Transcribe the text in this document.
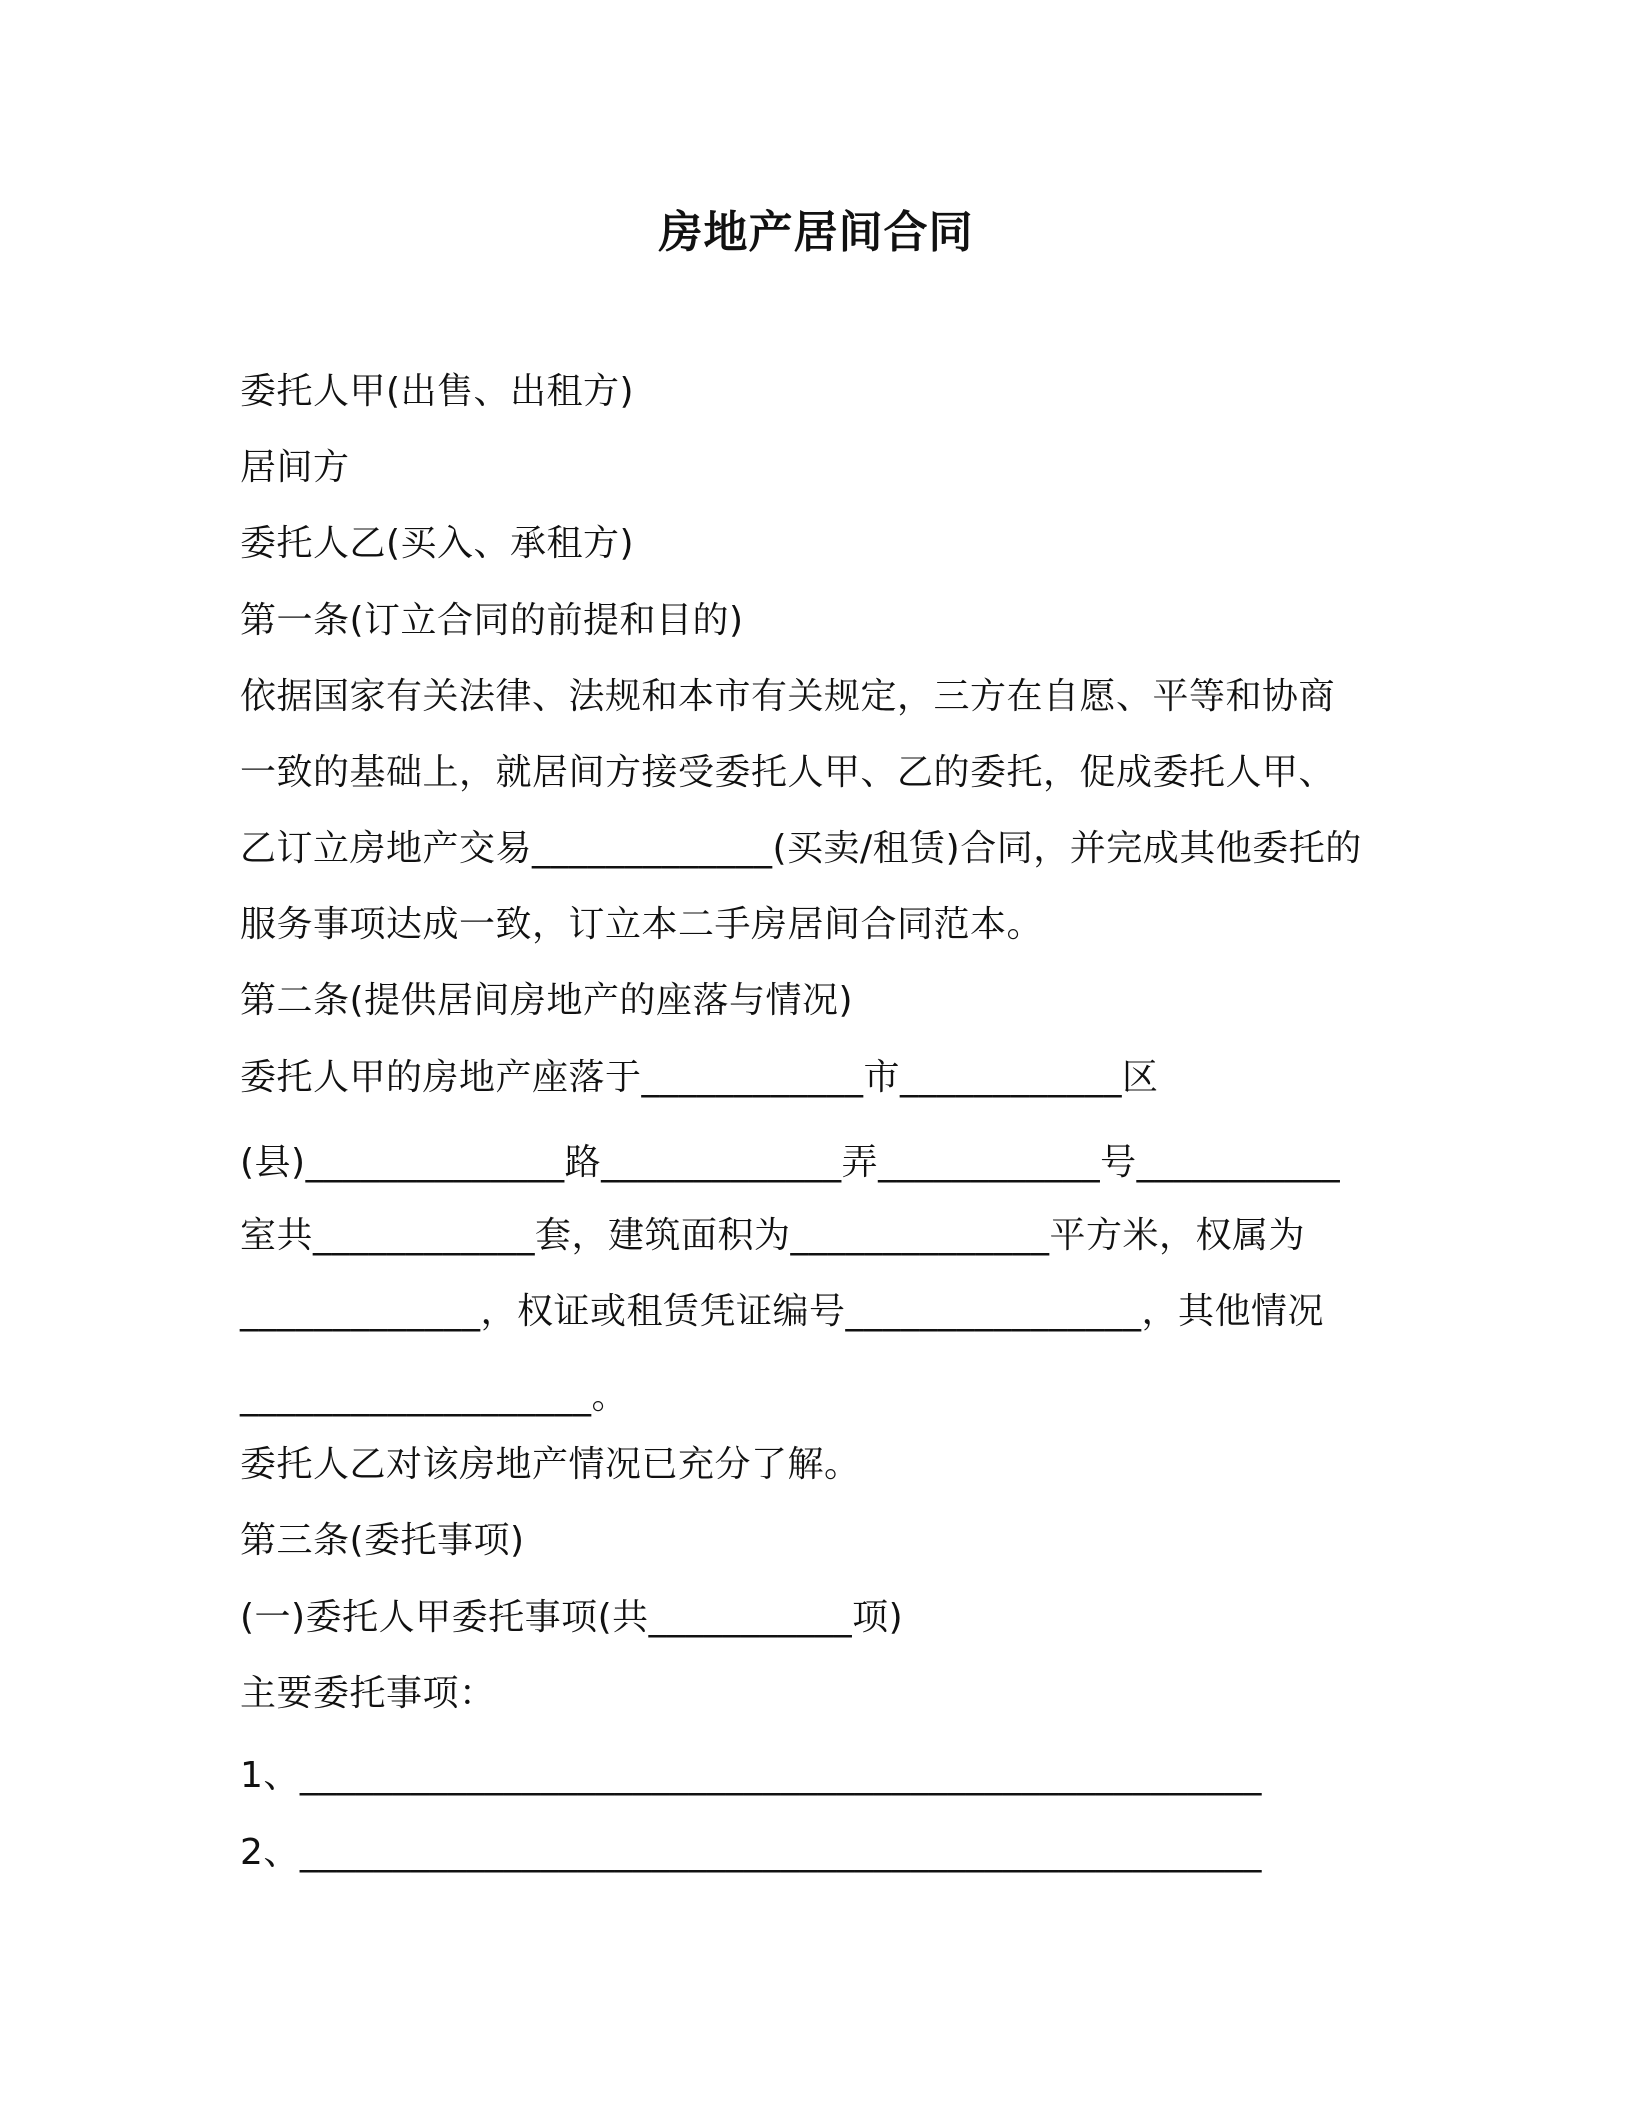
房地产居间合同
委托人甲(出售、出租方)
居间方
委托人乙(买入、承租方)
第一条(订立合同的前提和目的)
依据国家有关法律、法规和本市有关规定，三方在自愿、平等和协商
一致的基础上，就居间方接受委托人甲、乙的委托，促成委托人甲、
乙订立房地产交易_____________(买卖/租赁)合同，并完成其他委托的
服务事项达成一致，订立本二手房居间合同范本。
第二条(提供居间房地产的座落与情况)
委托人甲的房地产座落于____________市____________区
(县)______________路_____________弄____________号___________
室共____________套，建筑面积为______________平方米，权属为
_____________，权证或租赁凭证编号________________，其他情况
___________________。
委托人乙对该房地产情况已充分了解。
第三条(委托事项)
(一)委托人甲委托事项(共___________项)
主要委托事项：
1、____________________________________________________
2、____________________________________________________
